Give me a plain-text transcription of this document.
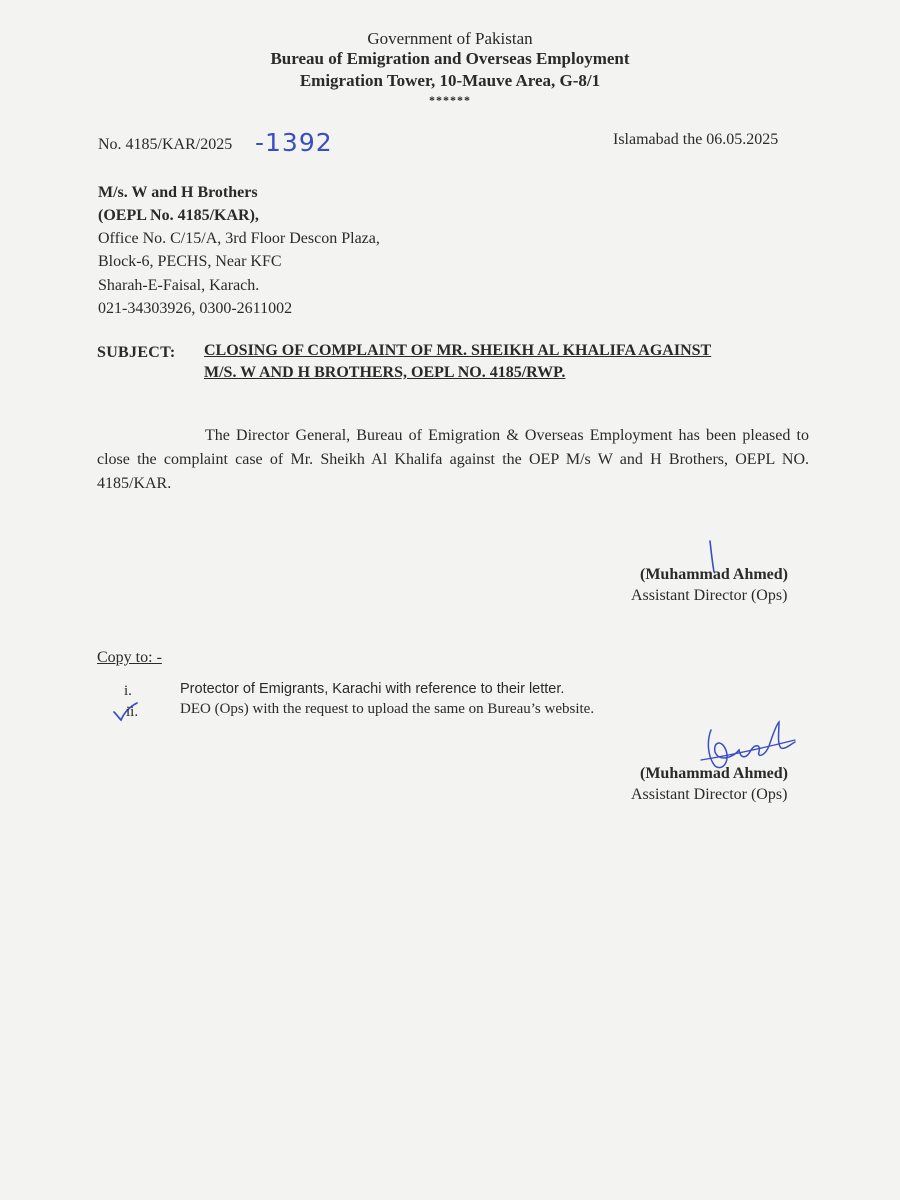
Government of Pakistan
Bureau of Emigration and Overseas Employment
Emigration Tower, 10-Mauve Area, G-8/1
******
No. 4185/KAR/2025 -1392	Islamabad the 06.05.2025
M/s. W and H Brothers
(OEPL No. 4185/KAR),
Office No. C/15/A, 3rd Floor Descon Plaza,
Block-6, PECHS, Near KFC
Sharah-E-Faisal, Karach.
021-34303926, 0300-2611002
SUBJECT: CLOSING OF COMPLAINT OF MR. SHEIKH AL KHALIFA AGAINST
M/S. W AND H BROTHERS, OEPL NO. 4185/RWP.
The Director General, Bureau of Emigration & Overseas Employment has been pleased to close the complaint case of Mr. Sheikh Al Khalifa against the OEP M/s W and H Brothers, OEPL NO. 4185/KAR.
(Muhammad Ahmed)
Assistant Director (Ops)
Copy to: -
i.	Protector of Emigrants, Karachi with reference to their letter.
ii.	DEO (Ops) with the request to upload the same on Bureau’s website.
(Muhammad Ahmed)
Assistant Director (Ops)
